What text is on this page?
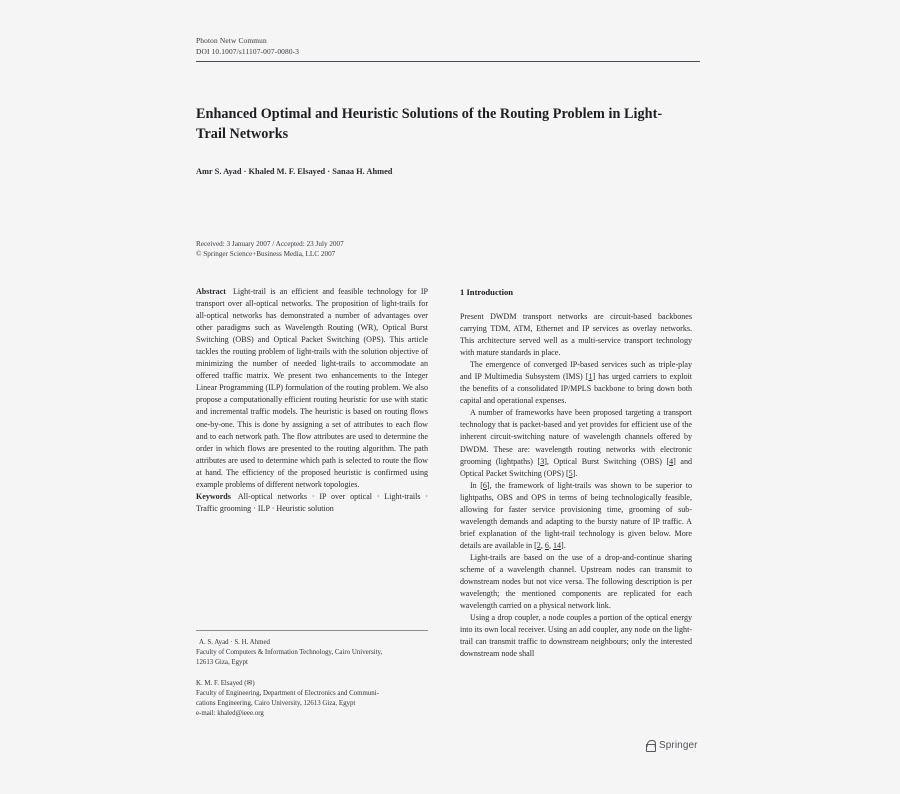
Photon Netw Commun
DOI 10.1007/s11107-007-0080-3
Enhanced Optimal and Heuristic Solutions of the Routing Problem in Light-Trail Networks
Amr S. Ayad · Khaled M. F. Elsayed · Sanaa H. Ahmed
Received: 3 January 2007 / Accepted: 23 July 2007
© Springer Science+Business Media, LLC 2007

Abstract Light-trail is an efficient and feasible technology for IP transport over all-optical networks. The proposition of light-trails for all-optical networks has demonstrated a number of advantages over other paradigms such as Wavelength Routing (WR), Optical Burst Switching (OBS) and Optical Packet Switching (OPS). This article tackles the routing problem of light-trails with the solution objective of minimizing the number of needed light-trails to accommodate an offered traffic matrix. We present two enhancements to the Integer Linear Programming (ILP) formulation of the routing problem. We also propose a computationally efficient routing heuristic for use with static and incremental traffic models. The heuristic is based on routing flows one-by-one. This is done by assigning a set of attributes to each flow and to each network path. The flow attributes are used to determine the order in which flows are presented to the routing algorithm. The path attributes are used to determine which path is selected to route the flow at hand. The efficiency of the proposed heuristic is confirmed using example problems of different network topologies.

Keywords All-optical networks · IP over optical · Light-trails · Traffic grooming · ILP · Heuristic solution

1 Introduction

Present DWDM transport networks are circuit-based backbones carrying TDM, ATM, Ethernet and IP services as overlay networks. This architecture served well as a multi-service transport technology with mature standards in place.

The emergence of converged IP-based services such as triple-play and IP Multimedia Subsystem (IMS) [1] has urged carriers to exploit the benefits of a consolidated IP/MPLS backbone to bring down both capital and operational expenses.

A number of frameworks have been proposed targeting a transport technology that is packet-based and yet provides for efficient use of the inherent circuit-switching nature of wavelength channels offered by DWDM. These are: wavelength routing networks with electronic grooming (lightpaths) [3], Optical Burst Switching (OBS) [4] and Optical Packet Switching (OPS) [5].

In [6], the framework of light-trails was shown to be superior to lightpaths, OBS and OPS in terms of being technologically feasible, allowing for faster service provisioning time, grooming of sub-wavelength demands and adapting to the bursty nature of IP traffic. A brief explanation of the light-trail technology is given below. More details are available in [2, 6, 14].

Light-trails are based on the use of a drop-and-continue sharing scheme of a wavelength channel. Upstream nodes can transmit to downstream nodes but not vice versa. The following description is per wavelength; the mentioned components are replicated for each wavelength carried on a physical network link.

Using a drop coupler, a node couples a portion of the optical energy into its own local receiver. Using an add coupler, any node on the light-trail can transmit traffic to downstream neighbours; only the interested downstream node shall

A. S. Ayad · S. H. Ahmed
Faculty of Computers & Information Technology, Cairo University,
12613 Giza, Egypt
K. M. F. Elsayed (✉)
Faculty of Engineering, Department of Electronics and Communi-
cations Engineering, Cairo University, 12613 Giza, Egypt
e-mail: khaled@ieee.org
Springer
